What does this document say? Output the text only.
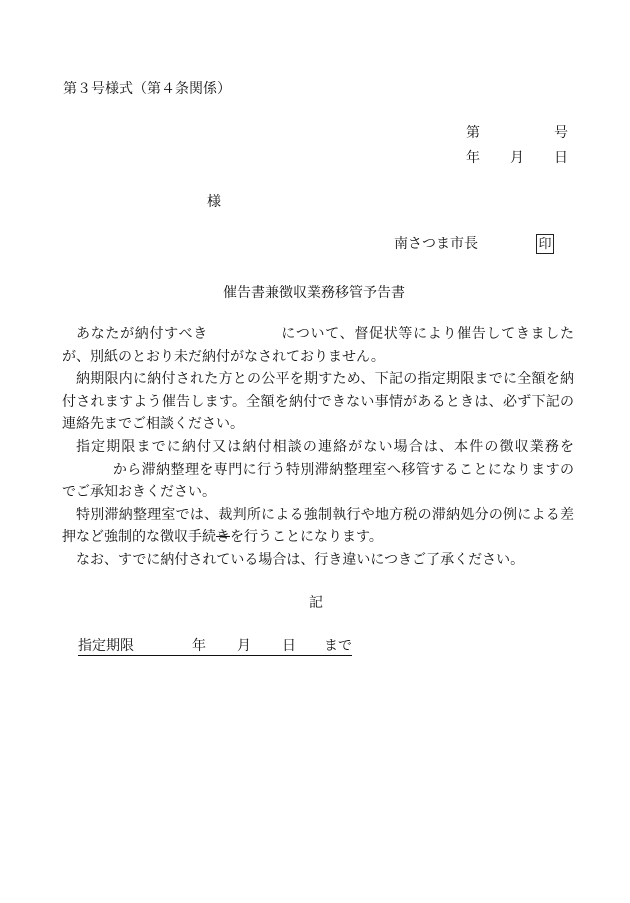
第３号様式（第４条関係）
第	号
年 月 日
様
南さつま市長	印
催告書兼徴収業務移管予告書

あなたが納付すべき	について、督促状等により催告してきましたが、別紙のとおり未だ納付がなされておりません。

納期限内に納付された方との公平を期すため、下記の指定期限までに全額を納付されますよう催告します。全額を納付できない事情があるときは、必ず下記の連絡先までご相談ください。

指定期限までに納付又は納付相談の連絡がない場合は、本件の徴収業務をから滞納整理を専門に行う特別滞納整理室へ移管することになりますのでご承知おきください。

特別滞納整理室では、裁判所による強制執行や地方税の滞納処分の例による差押など強制的な徴収手続きを行うことになります。

なお、すでに納付されている場合は、行き違いにつきご了承ください。

記
指定期限	年 月 日 まで
